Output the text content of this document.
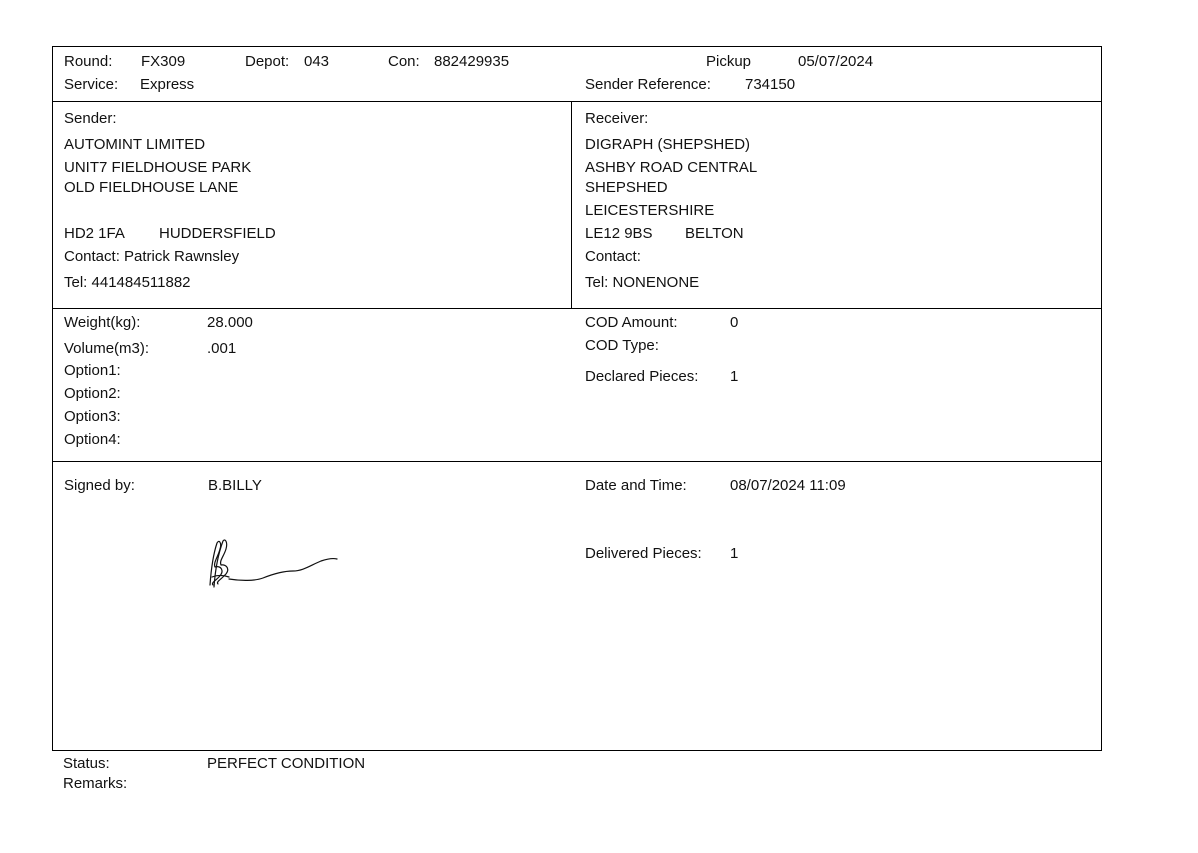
Round: FX309	Depot: 043	Con: 882429935	Pickup	05/07/2024
Service: Express	Sender Reference: 734150
Sender:
AUTOMINT LIMITED
UNIT7 FIELDHOUSE PARK
OLD FIELDHOUSE LANE
HD2 1FA HUDDERSFIELD
Contact: Patrick Rawnsley
Tel: 441484511882
Receiver:
DIGRAPH (SHEPSHED)
ASHBY ROAD CENTRAL
SHEPSHED
LEICESTERSHIRE
LE12 9BS BELTON
Contact:
Tel: NONENONE
Weight(kg):	28.000
Volume(m3):	.001
Option1:
Option2:
Option3:
Option4:
COD Amount:	0
COD Type:
Declared Pieces: 1
Signed by:	B.BILLY	Date and Time:	08/07/2024 11:09
Delivered Pieces: 1
Status:	PERFECT CONDITION
Remarks:
